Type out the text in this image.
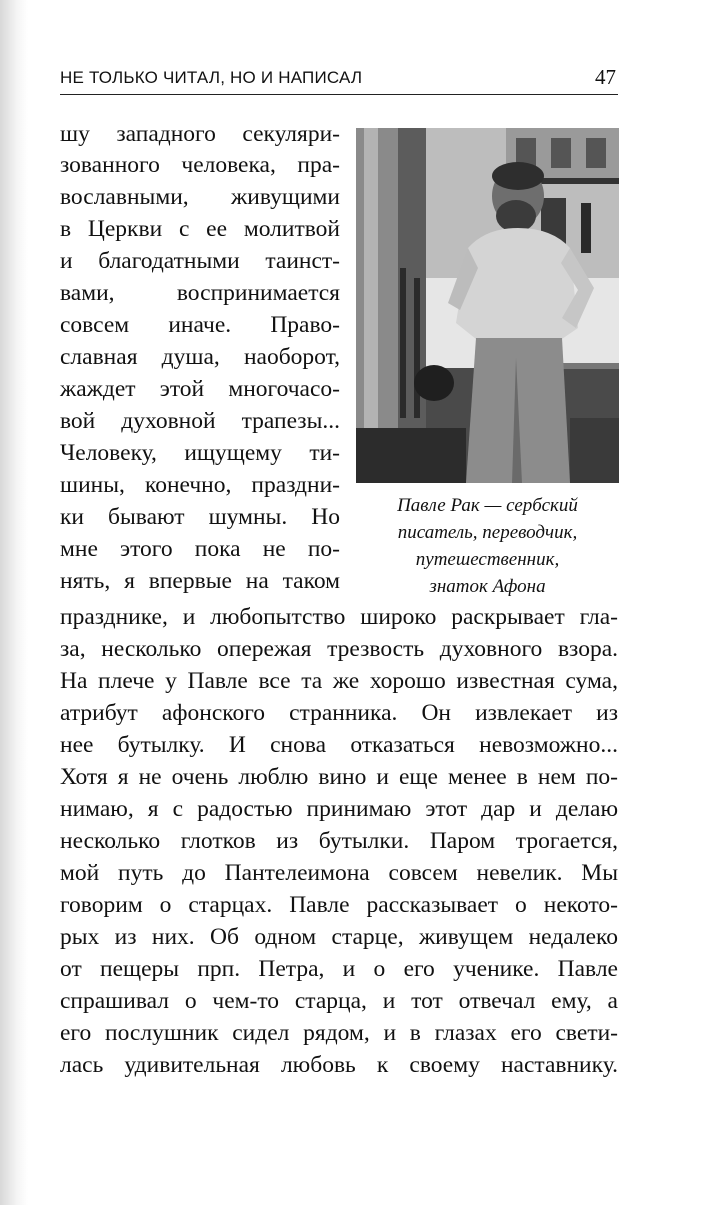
НЕ ТОЛЬКО ЧИТАЛ, НО И НАПИСАЛ	47
шу западного секуляри-
зованного человека, пра-
вославными, живущими
в Церкви с ее молитвой
и благодатными таинст-
вами, воспринимается
совсем иначе. Право-
славная душа, наоборот,
жаждет этой многочасо-
вой духовной трапезы...
Человеку, ищущему ти-
шины, конечно, праздни-
ки бывают шумны. Но
мне этого пока не по-
нять, я впервые на таком
Павле Рак — сербский
писатель, переводчик,
путешественник,
знаток Афона
празднике, и любопытство широко раскрывает гла-
за, несколько опережая трезвость духовного взора.
На плече у Павле все та же хорошо известная сума,
атрибут афонского странника. Он извлекает из
нее бутылку. И снова отказаться невозможно...
Хотя я не очень люблю вино и еще менее в нем по-
нимаю, я с радостью принимаю этот дар и делаю
несколько глотков из бутылки. Паром трогается,
мой путь до Пантелеимона совсем невелик. Мы
говорим о старцах. Павле рассказывает о некото-
рых из них. Об одном старце, живущем недалеко
от пещеры прп. Петра, и о его ученике. Павле
спрашивал о чем-то старца, и тот отвечал ему, а
его послушник сидел рядом, и в глазах его свети-
лась удивительная любовь к своему наставнику.
